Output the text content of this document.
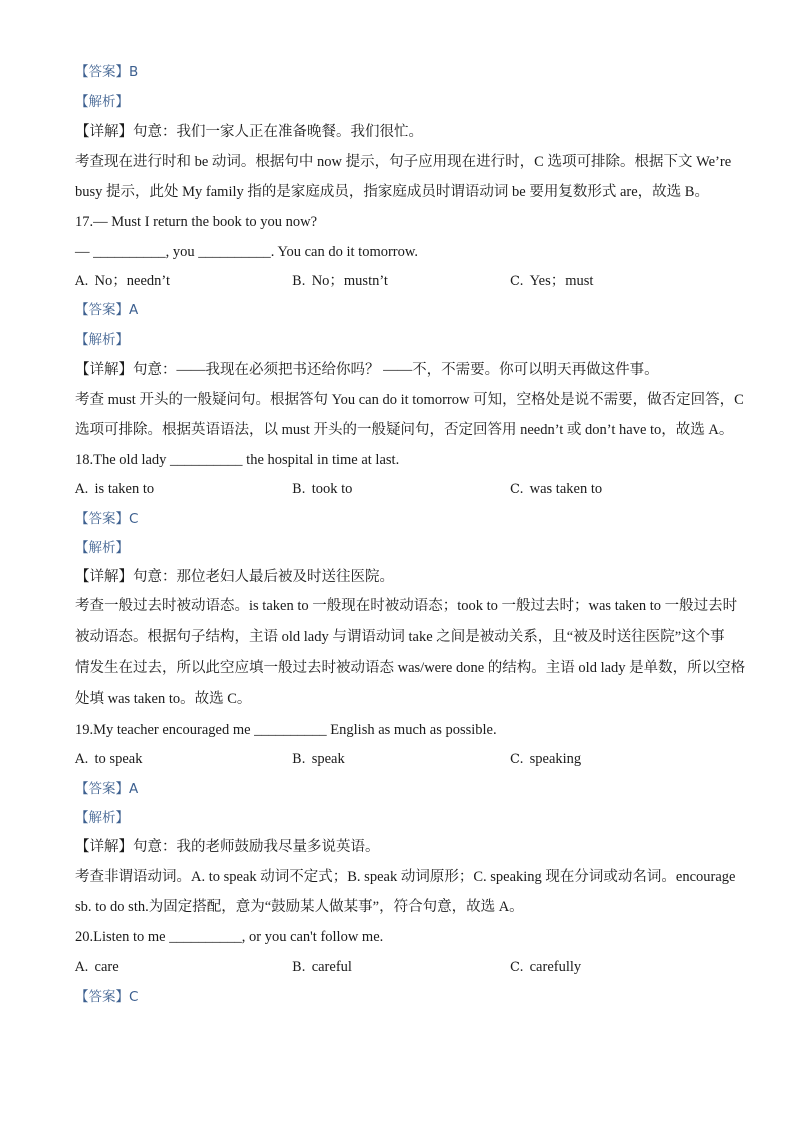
【答案】B
【解析】
【详解】句意：我们一家人正在准备晚餐。我们很忙。
考查现在进行时和 be 动词。根据句中 now 提示，句子应用现在进行时，C 选项可排除。根据下文 We’re
busy 提示，此处 My family 指的是家庭成员，指家庭成员时谓语动词 be 要用复数形式 are，故选 B。
17.— Must I return the book to you now?
— __________, you __________. You can do it tomorrow.
A. No；needn’t	B. No；mustn’t	C. Yes；must
【答案】A
【解析】
【详解】句意：——我现在必须把书还给你吗？ ——不，不需要。你可以明天再做这件事。
考查 must 开头的一般疑问句。根据答句 You can do it tomorrow 可知，空格处是说不需要，做否定回答，C
选项可排除。根据英语语法，以 must 开头的一般疑问句，否定回答用 needn’t 或 don’t have to，故选 A。
18.The old lady __________ the hospital in time at last.
A. is taken to	B. took to	C. was taken to
【答案】C
【解析】
【详解】句意：那位老妇人最后被及时送往医院。
考查一般过去时被动语态。is taken to 一般现在时被动语态；took to 一般过去时；was taken to 一般过去时
被动语态。根据句子结构，主语 old lady 与谓语动词 take 之间是被动关系，且“被及时送往医院”这个事
情发生在过去，所以此空应填一般过去时被动语态 was/were done 的结构。主语 old lady 是单数，所以空格
处填 was taken to。故选 C。
19.My teacher encouraged me __________ English as much as possible.
A. to speak	B. speak	C. speaking
【答案】A
【解析】
【详解】句意：我的老师鼓励我尽量多说英语。
考查非谓语动词。A. to speak 动词不定式；B. speak 动词原形；C. speaking 现在分词或动名词。encourage
sb. to do sth.为固定搭配，意为“鼓励某人做某事”，符合句意，故选 A。
20.Listen to me __________, or you can't follow me.
A. care	B. careful	C. carefully
【答案】C
